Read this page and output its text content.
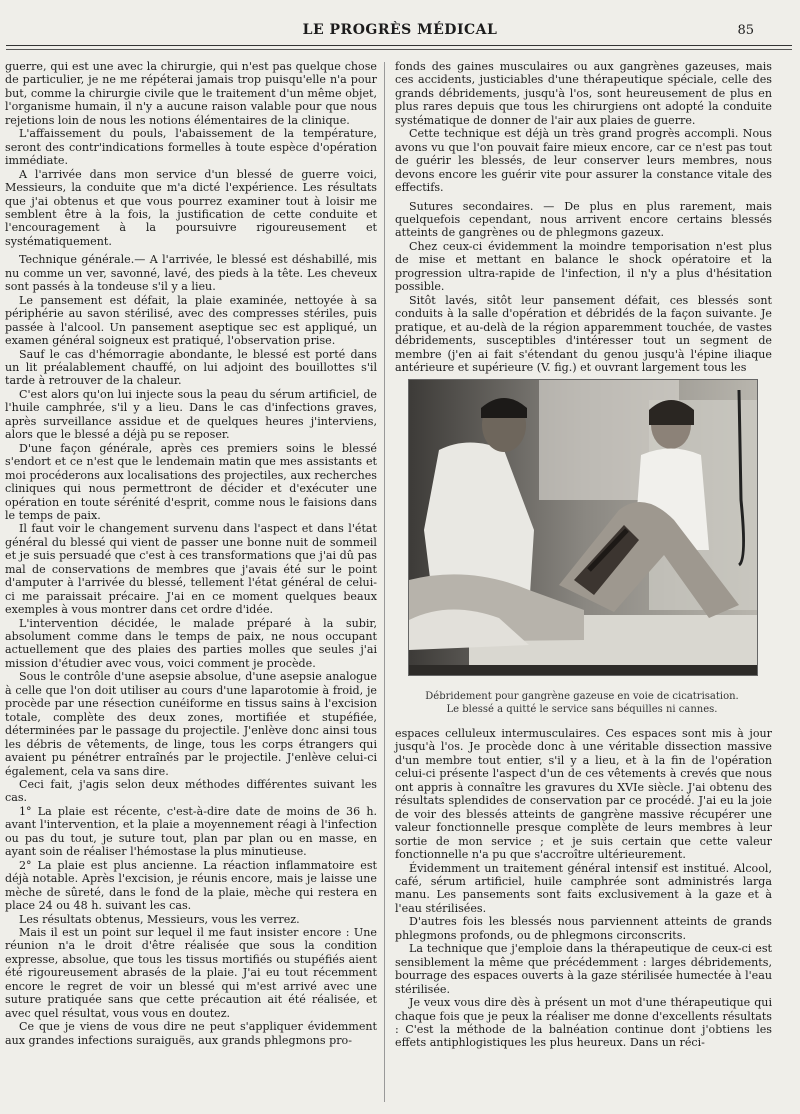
LE PROGRÈS MÉDICAL	85

guerre, qui est une avec la chirurgie, qui n'est pas quelque chose de particulier, je ne me répéterai jamais trop puisqu'elle n'a pour but, comme la chirurgie civile que le traitement d'un même objet, l'organisme humain, il n'y a aucune raison valable pour que nous rejetions loin de nous les notions élémentaires de la clinique.

L'affaissement du pouls, l'abaissement de la température, seront des contr'indications formelles à toute espèce d'opération immédiate.

A l'arrivée dans mon service d'un blessé de guerre voici, Messieurs, la conduite que m'a dicté l'expérience. Les résultats que j'ai obtenus et que vous pourrez examiner tout à loisir me semblent être à la fois, la justification de cette conduite et l'encouragement à la poursuivre rigoureusement et systématiquement.

Technique générale.— A l'arrivée, le blessé est déshabillé, mis nu comme un ver, savonné, lavé, des pieds à la tête. Les cheveux sont passés à la tondeuse s'il y a lieu.

Le pansement est défait, la plaie examinée, nettoyée à sa périphérie au savon stérilisé, avec des compresses stériles, puis passée à l'alcool. Un pansement aseptique sec est appliqué, un examen général soigneux est pratiqué, l'observation prise.

Sauf le cas d'hémorragie abondante, le blessé est porté dans un lit préalablement chauffé, on lui adjoint des bouillottes s'il tarde à retrouver de la chaleur.

C'est alors qu'on lui injecte sous la peau du sérum artificiel, de l'huile camphrée, s'il y a lieu. Dans le cas d'infections graves, après surveillance assidue et de quelques heures j'interviens, alors que le blessé a déjà pu se reposer.

D'une façon générale, après ces premiers soins le blessé s'endort et ce n'est que le lendemain matin que mes assistants et moi procéderons aux localisations des projectiles, aux recherches cliniques qui nous permettront de décider et d'exécuter une opération en toute sérénité d'esprit, comme nous le faisions dans le temps de paix.

Il faut voir le changement survenu dans l'aspect et dans l'état général du blessé qui vient de passer une bonne nuit de sommeil et je suis persuadé que c'est à ces transformations que j'ai dû pas mal de conservations de membres que j'avais été sur le point d'amputer à l'arrivée du blessé, tellement l'état général de celui-ci me paraissait précaire. J'ai en ce moment quelques beaux exemples à vous montrer dans cet ordre d'idée.

L'intervention décidée, le malade préparé à la subir, absolument comme dans le temps de paix, ne nous occupant actuellement que des plaies des parties molles que seules j'ai mission d'étudier avec vous, voici comment je procède.

Sous le contrôle d'une asepsie absolue, d'une asepsie analogue à celle que l'on doit utiliser au cours d'une laparotomie à froid, je procède par une résection cunéiforme en tissus sains à l'excision totale, complète des deux zones, mortifiée et stupéfiée, déterminées par le passage du projectile. J'enlève donc ainsi tous les débris de vêtements, de linge, tous les corps étrangers qui avaient pu pénétrer entraînés par le projectile. J'enlève celui-ci également, cela va sans dire.

Ceci fait, j'agis selon deux méthodes différentes suivant les cas.

1° La plaie est récente, c'est-à-dire date de moins de 36 h. avant l'intervention, et la plaie a moyennement réagi à l'infection ou pas du tout, je suture tout, plan par plan ou en masse, en ayant soin de réaliser l'hémostase la plus minutieuse.

2° La plaie est plus ancienne. La réaction inflammatoire est déjà notable. Après l'excision, je réunis encore, mais je laisse une mèche de sûreté, dans le fond de la plaie, mèche qui restera en place 24 ou 48 h. suivant les cas.

Les résultats obtenus, Messieurs, vous les verrez.

Mais il est un point sur lequel il me faut insister encore : Une réunion n'a le droit d'être réalisée que sous la condition expresse, absolue, que tous les tissus mortifiés ou stupéfiés aient été rigoureusement abrasés de la plaie. J'ai eu tout récemment encore le regret de voir un blessé qui m'est arrivé avec une suture pratiquée sans que cette précaution ait été réalisée, et avec quel résultat, vous vous en doutez.

Ce que je viens de vous dire ne peut s'appliquer évidemment aux grandes infections suraiguës, aux grands phlegmons pro-

fonds des gaines musculaires ou aux gangrènes gazeuses, mais ces accidents, justiciables d'une thérapeutique spéciale, celle des grands débridements, jusqu'à l'os, sont heureusement de plus en plus rares depuis que tous les chirurgiens ont adopté la conduite systématique de donner de l'air aux plaies de guerre.

Cette technique est déjà un très grand progrès accompli. Nous avons vu que l'on pouvait faire mieux encore, car ce n'est pas tout de guérir les blessés, de leur conserver leurs membres, nous devons encore les guérir vite pour assurer la constance vitale des effectifs.

Sutures secondaires. — De plus en plus rarement, mais quelquefois cependant, nous arrivent encore certains blessés atteints de gangrènes ou de phlegmons gazeux.

Chez ceux-ci évidemment la moindre temporisation n'est plus de mise et mettant en balance le shock opératoire et la progression ultra-rapide de l'infection, il n'y a plus d'hésitation possible.

Sitôt lavés, sitôt leur pansement défait, ces blessés sont conduits à la salle d'opération et débridés de la façon suivante. Je pratique, et au-delà de la région apparemment touchée, de vastes débridements, susceptibles d'intéresser tout un segment de membre (j'en ai fait s'étendant du genou jusqu'à l'épine iliaque antérieure et supérieure (V. fig.) et ouvrant largement tous les

Débridement pour gangrène gazeuse en voie de cicatrisation.
Le blessé a quitté le service sans béquilles ni cannes.

espaces celluleux intermusculaires. Ces espaces sont mis à jour jusqu'à l'os. Je procède donc à une véritable dissection massive d'un membre tout entier, s'il y a lieu, et à la fin de l'opération celui-ci présente l'aspect d'un de ces vêtements à crevés que nous ont appris à connaître les gravures du XVIe siècle. J'ai obtenu des résultats splendides de conservation par ce procédé. J'ai eu la joie de voir des blessés atteints de gangrène massive récupérer une valeur fonctionnelle presque complète de leurs membres à leur sortie de mon service ; et je suis certain que cette valeur fonctionnelle n'a pu que s'accroître ultérieurement.

Évidemment un traitement général intensif est institué. Alcool, café, sérum artificiel, huile camphrée sont administrés larga manu. Les pansements sont faits exclusivement à la gaze et à l'eau stérilisées.

D'autres fois les blessés nous parviennent atteints de grands phlegmons profonds, ou de phlegmons circonscrits.

La technique que j'emploie dans la thérapeutique de ceux-ci est sensiblement la même que précédemment : larges débridements, bourrage des espaces ouverts à la gaze stérilisée humectée à l'eau stérilisée.

Je veux vous dire dès à présent un mot d'une thérapeutique qui chaque fois que je peux la réaliser me donne d'excellents résultats : C'est la méthode de la balnéation continue dont j'obtiens les effets antiphlogistiques les plus heureux. Dans un réci-
